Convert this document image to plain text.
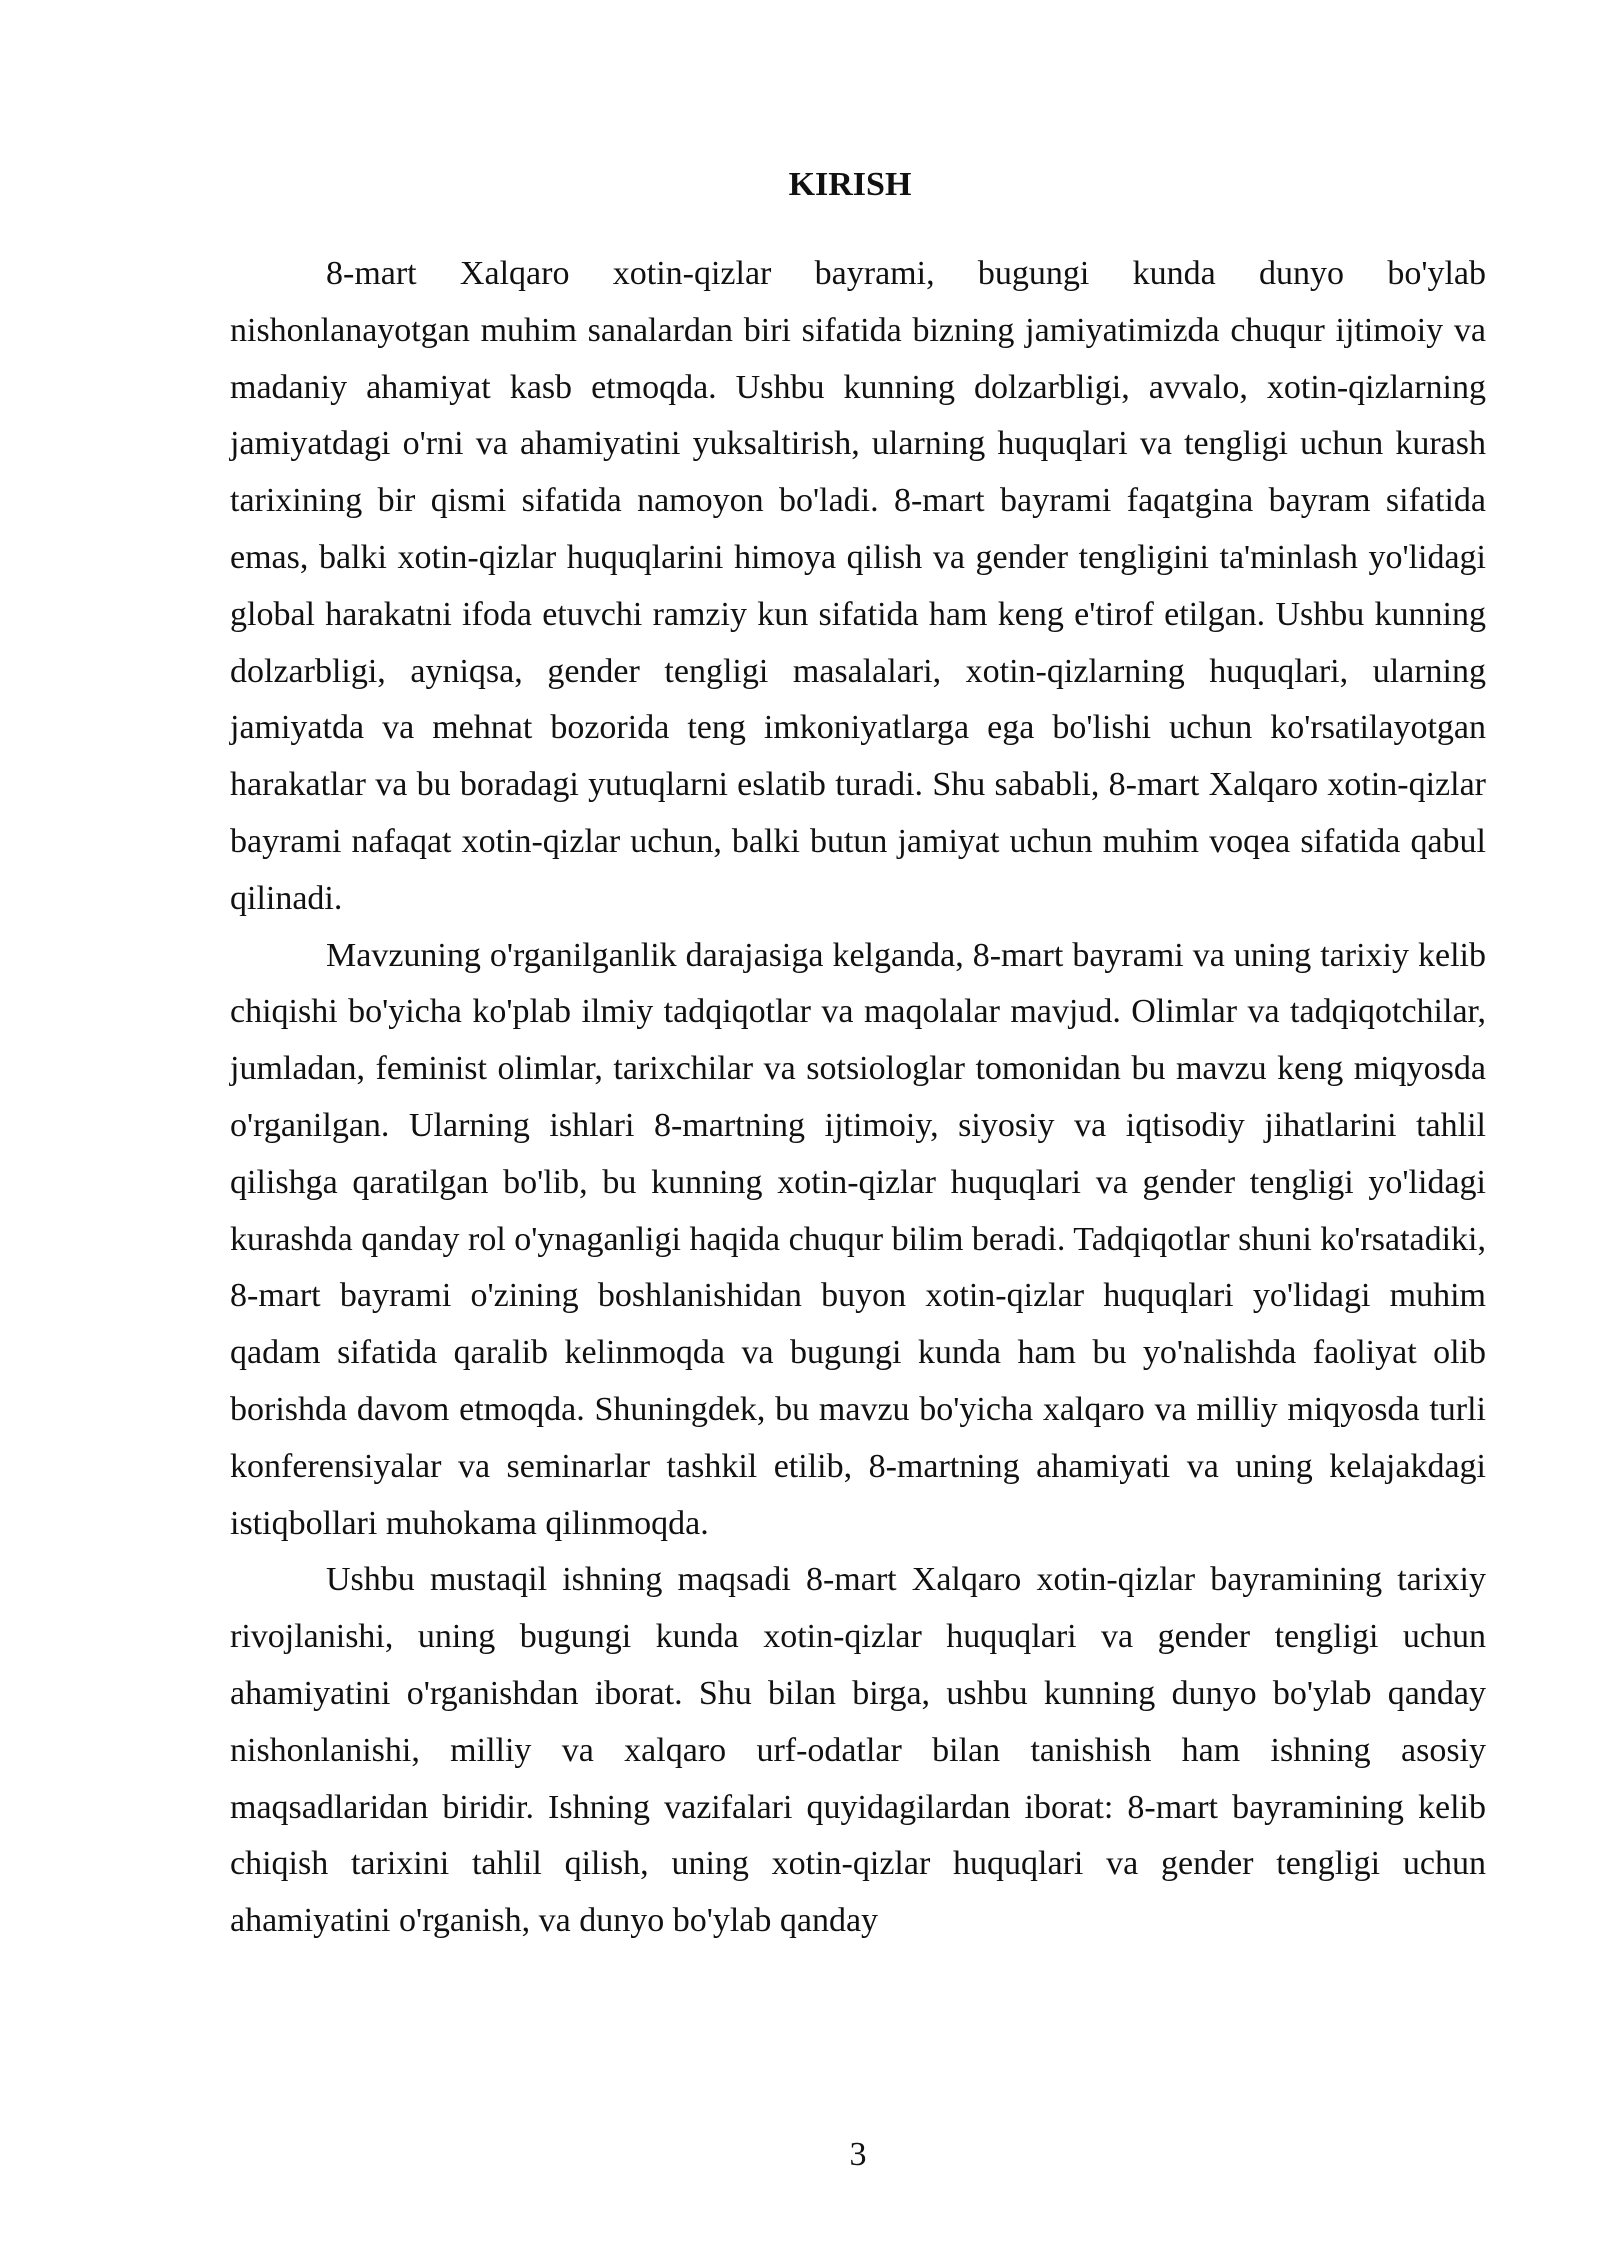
KIRISH

8-mart Xalqaro xotin-qizlar bayrami, bugungi kunda dunyo bo'ylab nishonlanayotgan muhim sanalardan biri sifatida bizning jamiyatimizda chuqur ijtimoiy va madaniy ahamiyat kasb etmoqda. Ushbu kunning dolzarbligi, avvalo, xotin-qizlarning jamiyatdagi o'rni va ahamiyatini yuksaltirish, ularning huquqlari va tengligi uchun kurash tarixining bir qismi sifatida namoyon bo'ladi. 8-mart bayrami faqatgina bayram sifatida emas, balki xotin-qizlar huquqlarini himoya qilish va gender tengligini ta'minlash yo'lidagi global harakatni ifoda etuvchi ramziy kun sifatida ham keng e'tirof etilgan. Ushbu kunning dolzarbligi, ayniqsa, gender tengligi masalalari, xotin-qizlarning huquqlari, ularning jamiyatda va mehnat bozorida teng imkoniyatlarga ega bo'lishi uchun ko'rsatilayotgan harakatlar va bu boradagi yutuqlarni eslatib turadi. Shu sababli, 8-mart Xalqaro xotin-qizlar bayrami nafaqat xotin-qizlar uchun, balki butun jamiyat uchun muhim voqea sifatida qabul qilinadi.

Mavzuning o'rganilganlik darajasiga kelganda, 8-mart bayrami va uning tarixiy kelib chiqishi bo'yicha ko'plab ilmiy tadqiqotlar va maqolalar mavjud. Olimlar va tadqiqotchilar, jumladan, feminist olimlar, tarixchilar va sotsiologlar tomonidan bu mavzu keng miqyosda o'rganilgan. Ularning ishlari 8-martning ijtimoiy, siyosiy va iqtisodiy jihatlarini tahlil qilishga qaratilgan bo'lib, bu kunning xotin-qizlar huquqlari va gender tengligi yo'lidagi kurashda qanday rol o'ynaganligi haqida chuqur bilim beradi. Tadqiqotlar shuni ko'rsatadiki, 8-mart bayrami o'zining boshlanishidan buyon xotin-qizlar huquqlari yo'lidagi muhim qadam sifatida qaralib kelinmoqda va bugungi kunda ham bu yo'nalishda faoliyat olib borishda davom etmoqda. Shuningdek, bu mavzu bo'yicha xalqaro va milliy miqyosda turli konferensiyalar va seminarlar tashkil etilib, 8-martning ahamiyati va uning kelajakdagi istiqbollari muhokama qilinmoqda.

Ushbu mustaqil ishning maqsadi 8-mart Xalqaro xotin-qizlar bayramining tarixiy rivojlanishi, uning bugungi kunda xotin-qizlar huquqlari va gender tengligi uchun ahamiyatini o'rganishdan iborat. Shu bilan birga, ushbu kunning dunyo bo'ylab qanday nishonlanishi, milliy va xalqaro urf-odatlar bilan tanishish ham ishning asosiy maqsadlaridan biridir. Ishning vazifalari quyidagilardan iborat: 8-mart bayramining kelib chiqish tarixini tahlil qilish, uning xotin-qizlar huquqlari va gender tengligi uchun ahamiyatini o'rganish, va dunyo bo'ylab qanday

3
